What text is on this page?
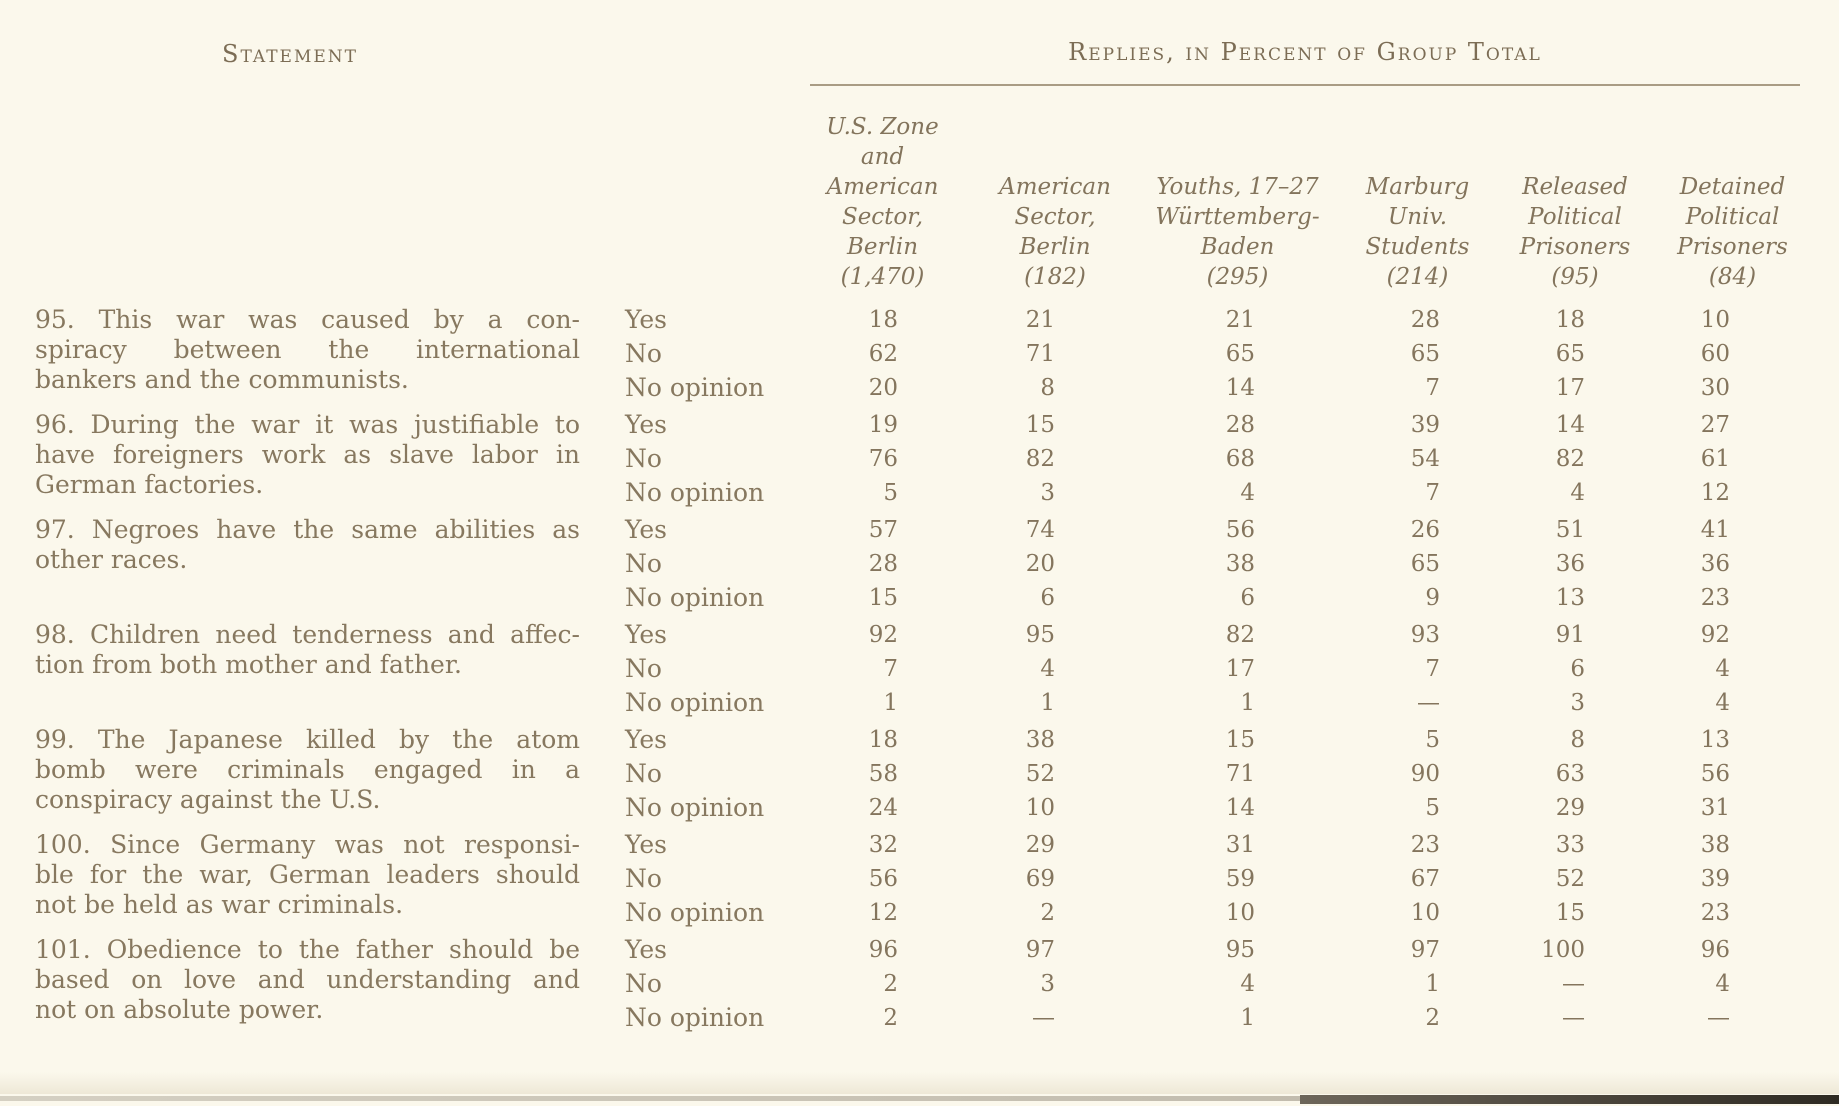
Statement	Replies, in Percent of Group Total
U.S. Zone
and
American
Sector,
Berlin
(1,470)
American
Sector,
Berlin
(182)
Youths, 17–27
Württemberg-
Baden
(295)
Marburg
Univ.
Students
(214)
Released
Political
Prisoners
(95)
Detained
Political
Prisoners
(84)
95. This war was caused by a con-
spiracy between the international
bankers and the communists.
Yes	18	21	21	28	18	10
No	62	71	65	65	65	60
No opinion	20	8	14	7	17	30
96. During the war it was justifiable to
have foreigners work as slave labor in
German factories.
Yes	19	15	28	39	14	27
No	76	82	68	54	82	61
No opinion	5	3	4	7	4	12
97. Negroes have the same abilities as
other races.
Yes	57	74	56	26	51	41
No	28	20	38	65	36	36
No opinion	15	6	6	9	13	23
98. Children need tenderness and affec-
tion from both mother and father.
Yes	92	95	82	93	91	92
No	7	4	17	7	6	4
No opinion	1	1	1	—	3	4
99. The Japanese killed by the atom
bomb were criminals engaged in a
conspiracy against the U.S.
Yes	18	38	15	5	8	13
No	58	52	71	90	63	56
No opinion	24	10	14	5	29	31
100. Since Germany was not responsi-
ble for the war, German leaders should
not be held as war criminals.
Yes	32	29	31	23	33	38
No	56	69	59	67	52	39
No opinion	12	2	10	10	15	23
101. Obedience to the father should be
based on love and understanding and
not on absolute power.
Yes	96	97	95	97	100	96
No	2	3	4	1	—	4
No opinion	2	—	1	2	—	—
